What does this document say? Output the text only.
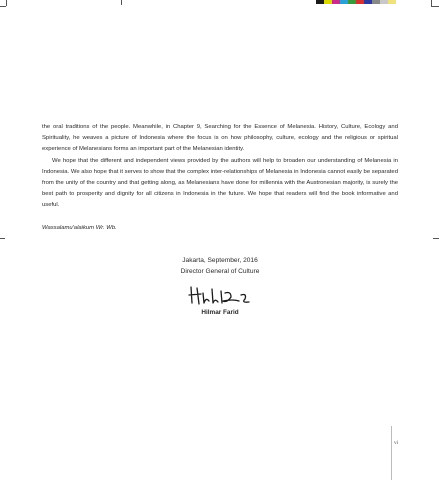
the oral traditions of the people. Meanwhile, in Chapter 9, Searching for the Essence of Melanesia. History, Culture, Ecology and Spirituality, he weaves a picture of Indonesia where the focus is on how philosophy, culture, ecology and the religious or spiritual experience of Melanesians forms an important part of the Melanesian identity.

We hope that the different and independent views provided by the authors will help to broaden our understanding of Melanesia in Indonesia. We also hope that it serves to show that the complex inter-relationships of Melanesia in Indonesia cannot easily be separated from the unity of the country and that getting along, as Melanesians have done for millennia with the Austronesian majority, is surely the best path to prosperity and dignity for all citizens in Indonesia in the future. We hope that readers will find the book informative and useful.

Wassalamu'alaikum Wr. Wb.

Jakarta, September, 2016
Director General of Culture
Hilmar Farid
vi
